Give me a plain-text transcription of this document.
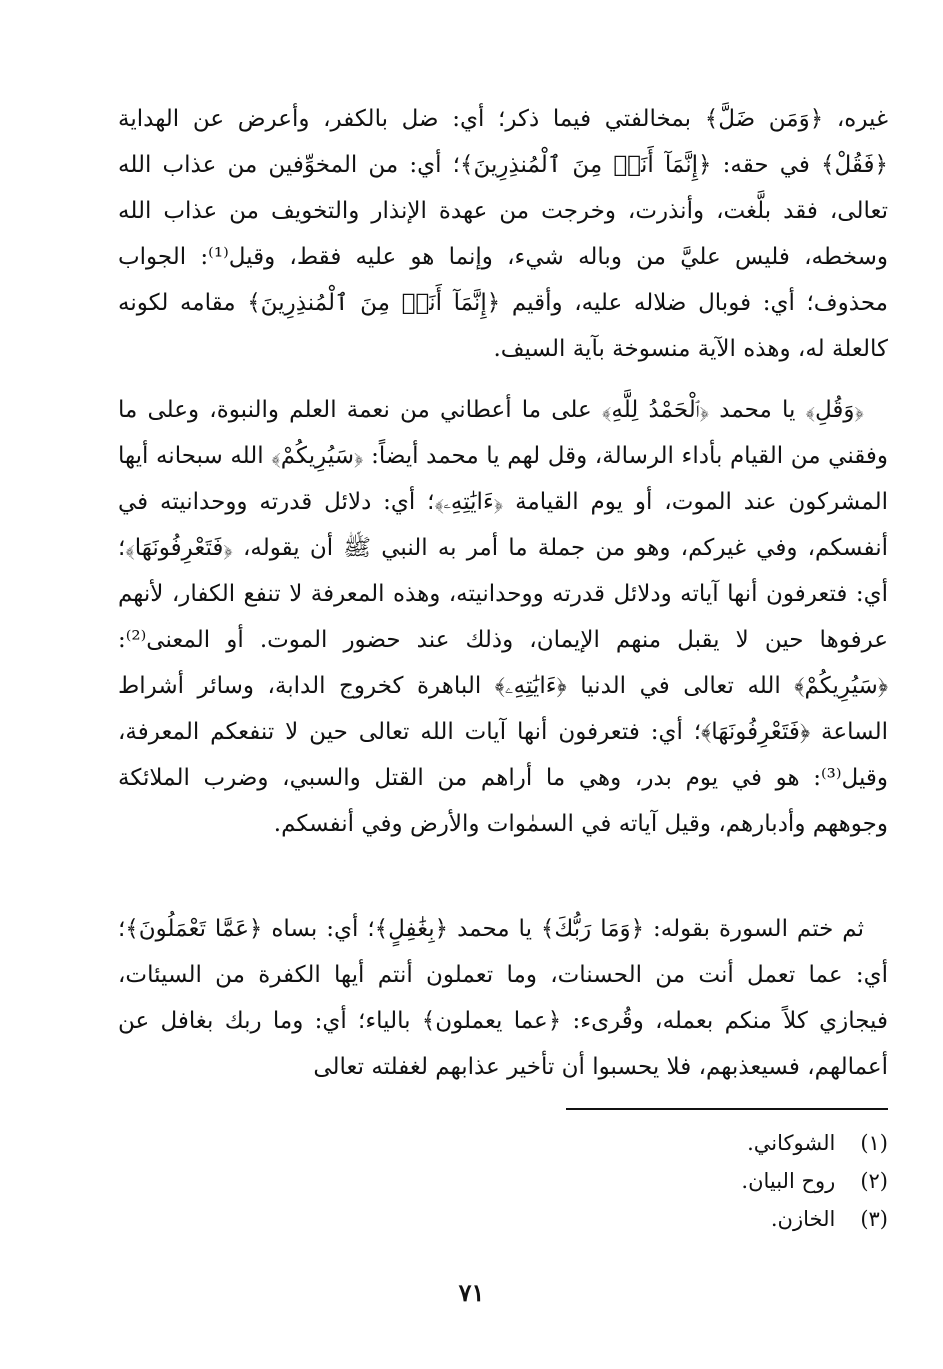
غيره، ﴿وَمَن ضَلَّ﴾ بمخالفتي فيما ذكر؛ أي: ضل بالكفر، وأعرض عن الهداية ﴿فَقُلْ﴾ في حقه: ﴿إِنَّمَآ أَنَا۠ مِنَ ٱلْمُنذِرِينَ﴾؛ أي: من المخوِّفين من عذاب الله تعالى، فقد بلَّغت، وأنذرت، وخرجت من عهدة الإنذار والتخويف من عذاب الله وسخطه، فليس عليَّ من وباله شيء، وإنما هو عليه فقط، وقيل⁽¹⁾: الجواب محذوف؛ أي: فوبال ضلاله عليه، وأقيم ﴿إِنَّمَآ أَنَا۠ مِنَ ٱلْمُنذِرِينَ﴾ مقامه لكونه كالعلة له، وهذه الآية منسوخة بآية السيف.

﴿وَقُلِ﴾ يا محمد ﴿ٱلْحَمْدُ لِلَّهِ﴾ على ما أعطاني من نعمة العلم والنبوة، وعلى ما وفقني من القيام بأداء الرسالة، وقل لهم يا محمد أيضاً: ﴿سَيُرِيكُمْ﴾ الله سبحانه أيها المشركون عند الموت، أو يوم القيامة ﴿ءَايَٰتِهِۦ﴾؛ أي: دلائل قدرته ووحدانيته في أنفسكم، وفي غيركم، وهو من جملة ما أمر به النبي ﷺ أن يقوله، ﴿فَتَعْرِفُونَهَا﴾؛ أي: فتعرفون أنها آياته ودلائل قدرته ووحدانيته، وهذه المعرفة لا تنفع الكفار، لأنهم عرفوها حين لا يقبل منهم الإيمان، وذلك عند حضور الموت. أو المعنى⁽²⁾: ﴿سَيُرِيكُمْ﴾ الله تعالى في الدنيا ﴿ءَايَٰتِهِۦ﴾ الباهرة كخروج الدابة، وسائر أشراط الساعة ﴿فَتَعْرِفُونَهَا﴾؛ أي: فتعرفون أنها آيات الله تعالى حين لا تنفعكم المعرفة، وقيل⁽³⁾: هو في يوم بدر، وهي ما أراهم من القتل والسبي، وضرب الملائكة وجوههم وأدبارهم، وقيل آياته في السمٰوات والأرض وفي أنفسكم.

ثم ختم السورة بقوله: ﴿وَمَا رَبُّكَ﴾ يا محمد ﴿بِغَٰفِلٍ﴾؛ أي: بساه ﴿عَمَّا تَعْمَلُونَ﴾؛ أي: عما تعمل أنت من الحسنات، وما تعملون أنتم أيها الكفرة من السيئات، فيجازي كلاً منكم بعمله، وقُرىء: ﴿عما يعملون﴾ بالياء؛ أي: وما ربك بغافل عن أعمالهم، فسيعذبهم، فلا يحسبوا أن تأخير عذابهم لغفلته تعالى

(١) الشوكاني.
(٢) روح البيان.
(٣) الخازن.
٧١
